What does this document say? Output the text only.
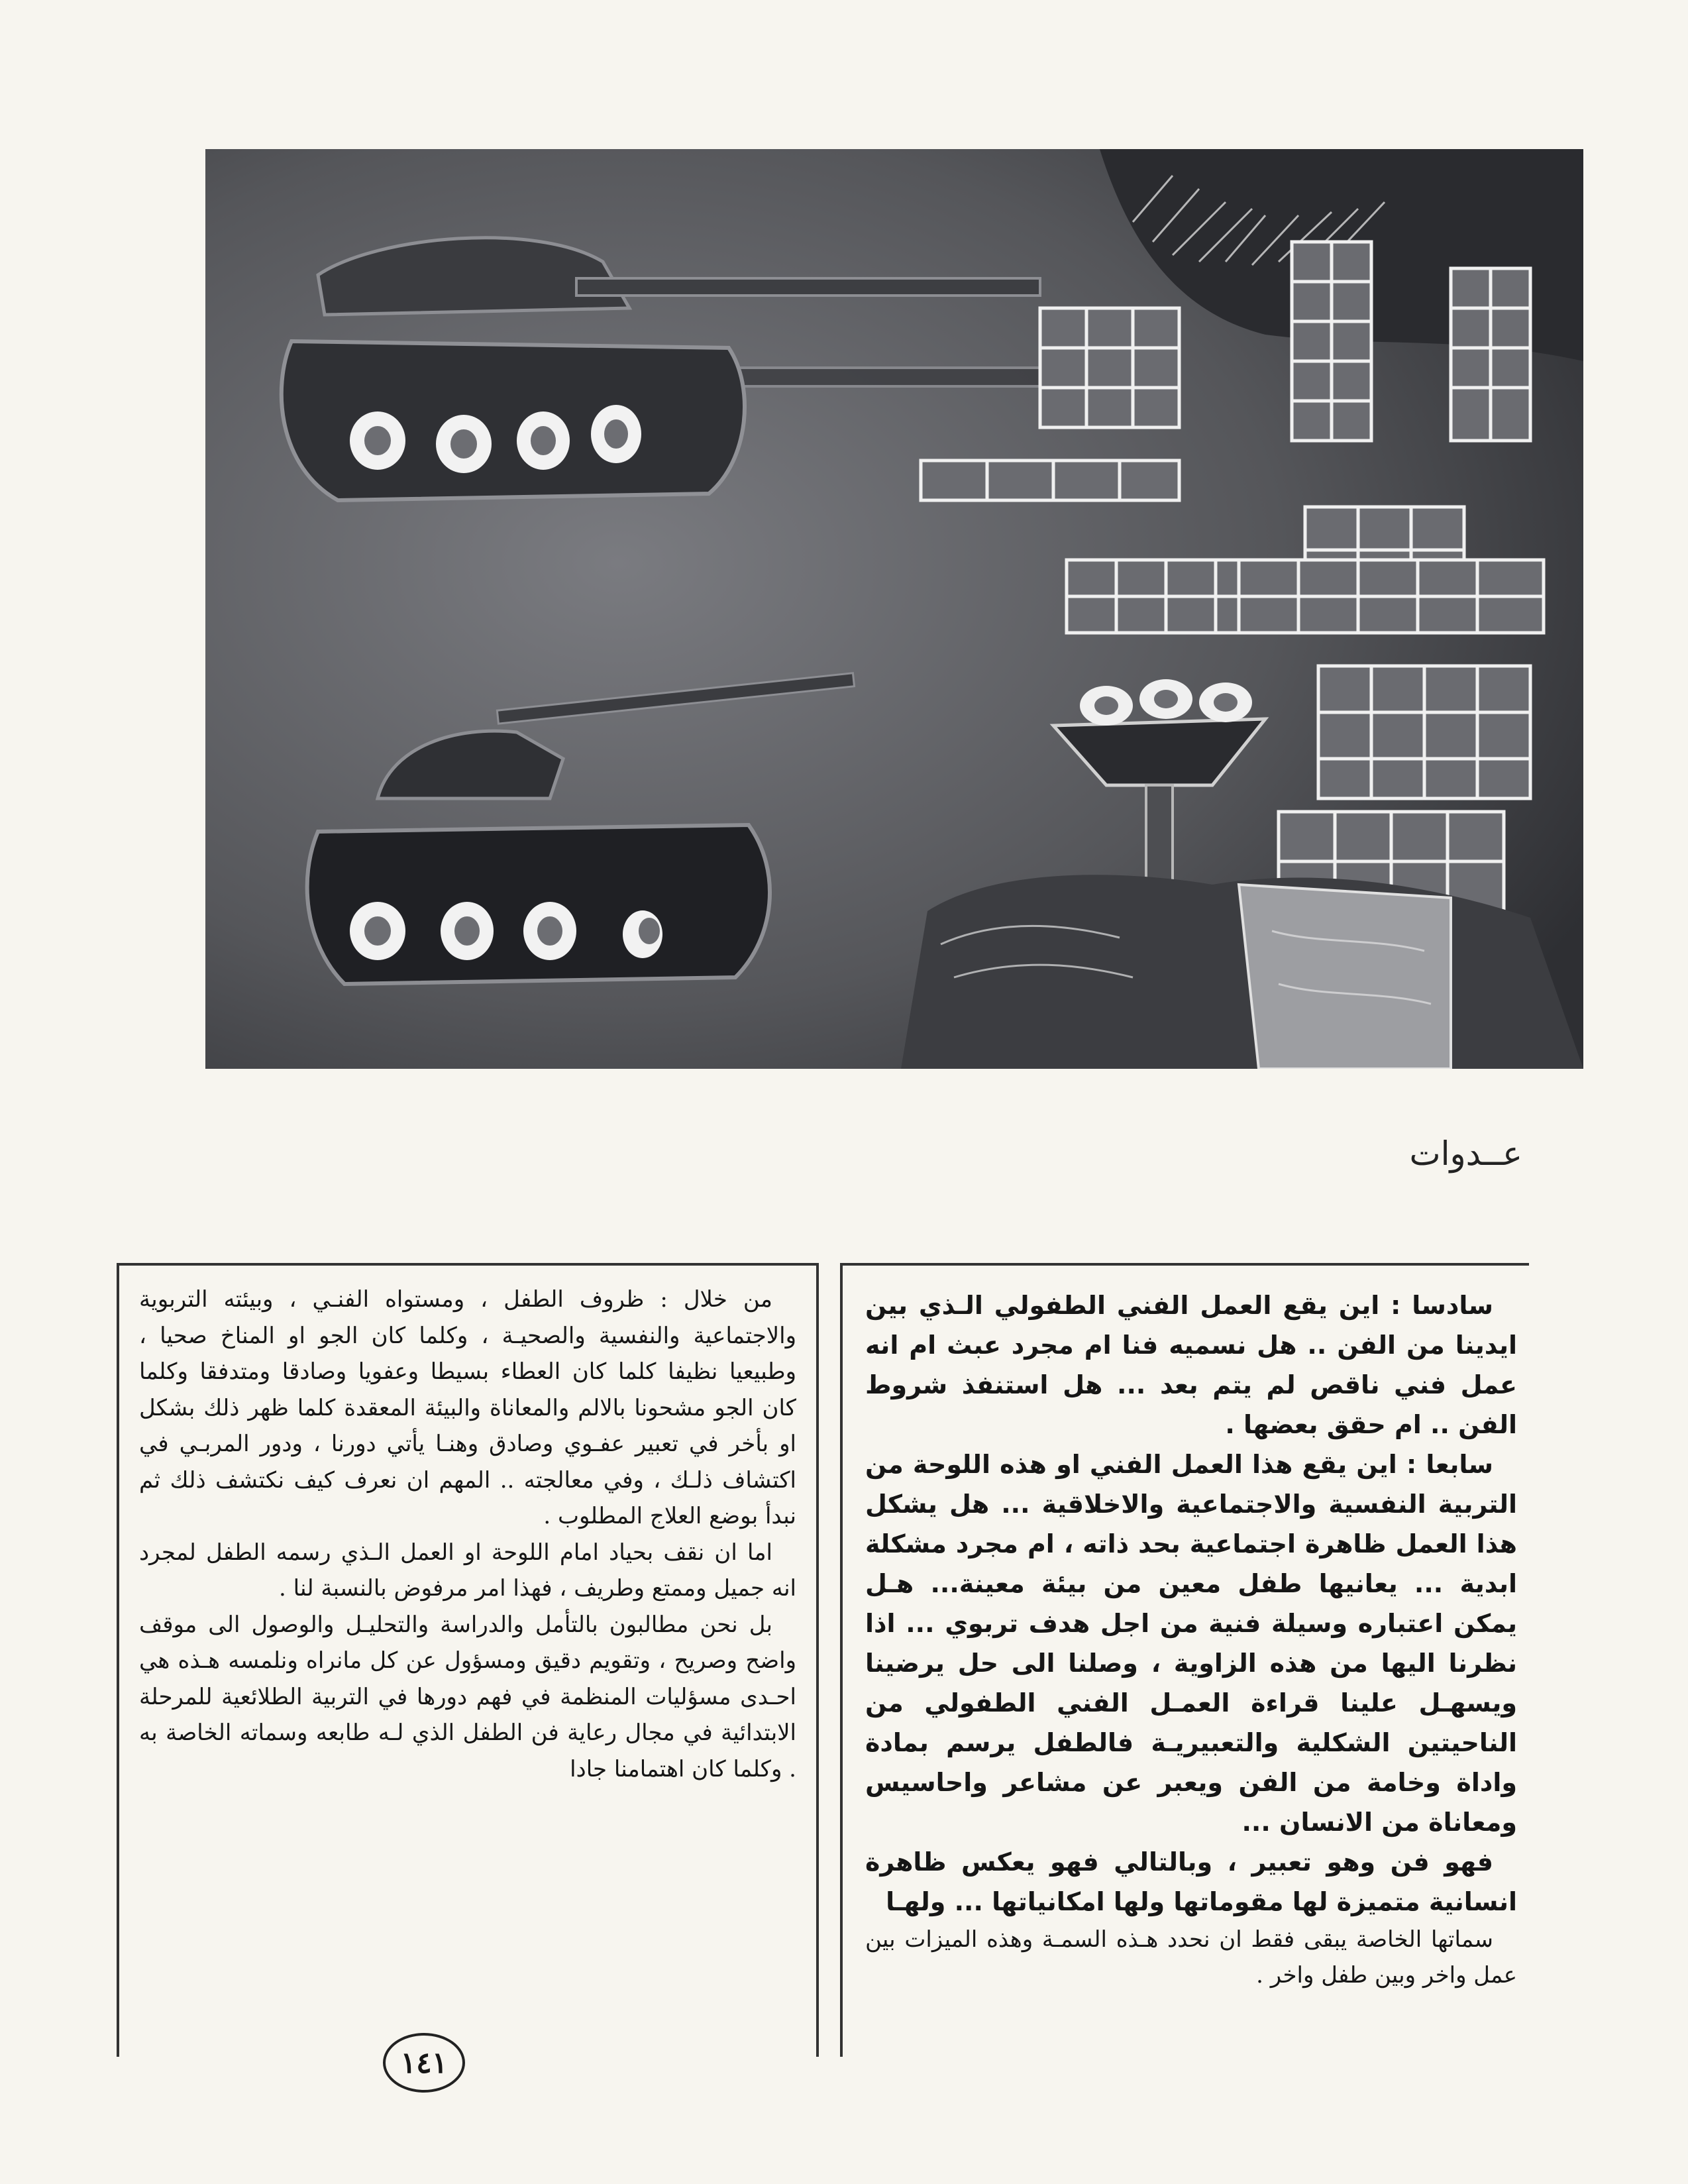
عــدوات

سادسا : اين يقع العمل الفني الطفولي الـذي بين ايدينا من الفن .. هل نسميه فنا ام مجرد عبث ام انه عمل فني ناقص لم يتم بعد ... هل استنفذ شروط الفن .. ام حقق بعضها .

سابعا : اين يقع هذا العمل الفني او هذه اللوحة من التربية النفسية والاجتماعية والاخلاقية ... هل يشكل هذا العمل ظاهرة اجتماعية بحد ذاته ، ام مجرد مشكلة ابدية ... يعانيها طفل معين من بيئة معينة... هـل يمكن اعتباره وسيلة فنية من اجل هدف تربوي ... اذا نظرنا اليها من هذه الزاوية ، وصلنا الى حل يرضينا ويسهـل علينا قراءة العمـل الفني الطفولي من الناحيتين الشكلية والتعبيريـة فالطفل يرسم بمادة واداة وخامة من الفن ويعبر عن مشاعر واحاسيس ومعاناة من الانسان ...

فهو فن وهو تعبير ، وبالتالي فهو يعكس ظاهرة انسانية متميزة لها مقوماتها ولها امكانياتها ... ولهـا

سماتها الخاصة يبقى فقط ان نحدد هـذه السمـة وهذه الميزات بين عمل واخر وبين طفل واخر .

من خلال : ظروف الطفل ، ومستواه الفنـي ، وبيئته التربوية والاجتماعية والنفسية والصحيـة ، وكلما كان الجو او المناخ صحيا ، وطبيعيا نظيفا كلما كان العطاء بسيطا وعفويا وصادقا ومتدفقا وكلما كان الجو مشحونا بالالم والمعاناة والبيئة المعقدة كلما ظهر ذلك بشكل او بأخر في تعبير عفـوي وصادق وهنـا يأتي دورنا ، ودور المربـي في اكتشاف ذلـك ، وفي معالجته .. المهم ان نعرف كيف نكتشف ذلك ثم نبدأ بوضع العلاج المطلوب .

اما ان نقف بحياد امام اللوحة او العمل الـذي رسمه الطفل لمجرد انه جميل وممتع وطريف ، فهذا امر مرفوض بالنسبة لنا .

بل نحن مطالبون بالتأمل والدراسة والتحليـل والوصول الى موقف واضح وصريح ، وتقويم دقيق ومسؤول عن كل مانراه ونلمسه هـذه هي احـدى مسؤليات المنظمة في فهم دورها في التربية الطلائعية للمرحلة الابتدائية في مجال رعاية فن الطفل الذي لـه طابعه وسماته الخاصة به . وكلما كان اهتمامنا جادا

١٤١
